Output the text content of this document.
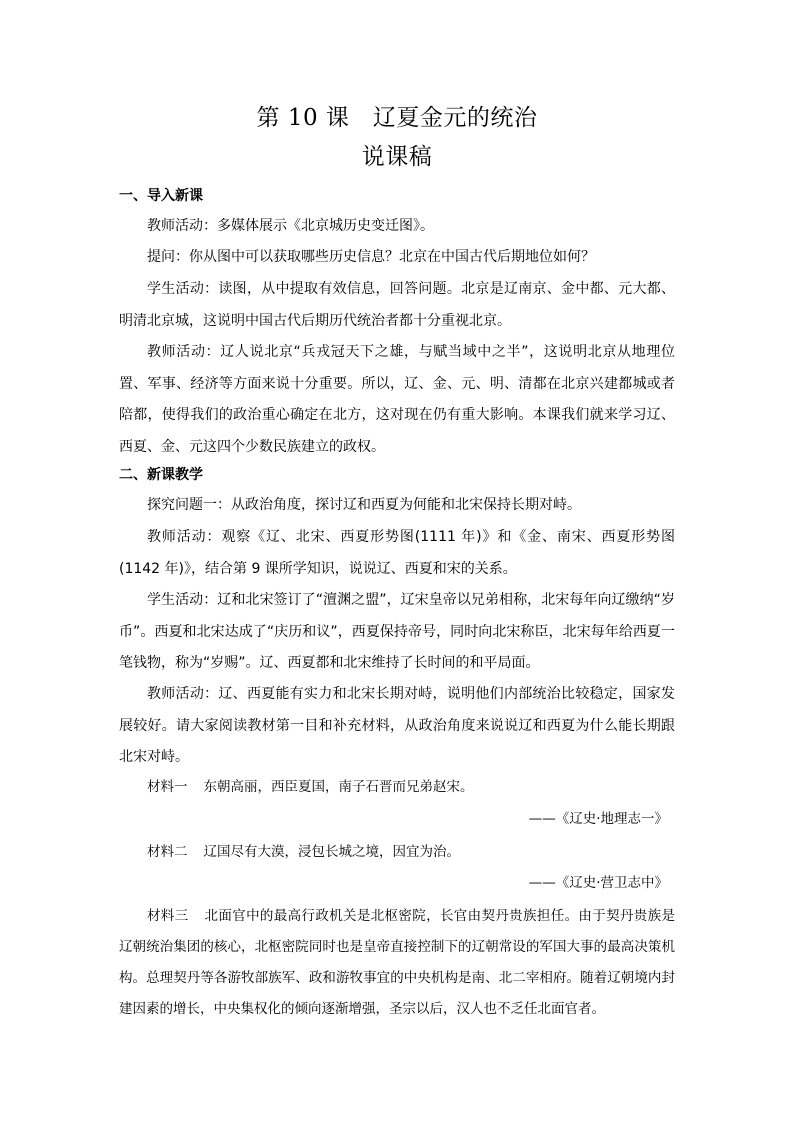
第 10 课　辽夏金元的统治
说课稿
一、导入新课

教师活动：多媒体展示《北京城历史变迁图》。

提问：你从图中可以获取哪些历史信息？北京在中国古代后期地位如何？

学生活动：读图，从中提取有效信息，回答问题。北京是辽南京、金中都、元大都、明清北京城，这说明中国古代后期历代统治者都十分重视北京。

教师活动：辽人说北京“兵戎冠天下之雄，与赋当域中之半”，这说明北京从地理位置、军事、经济等方面来说十分重要。所以，辽、金、元、明、清都在北京兴建都城或者陪都，使得我们的政治重心确定在北方，这对现在仍有重大影响。本课我们就来学习辽、西夏、金、元这四个少数民族建立的政权。

二、新课教学

探究问题一：从政治角度，探讨辽和西夏为何能和北宋保持长期对峙。

教师活动：观察《辽、北宋、西夏形势图(1111 年)》和《金、南宋、西夏形势图(1142 年)》，结合第 9 课所学知识，说说辽、西夏和宋的关系。

学生活动：辽和北宋签订了“澶渊之盟”，辽宋皇帝以兄弟相称，北宋每年向辽缴纳“岁币”。西夏和北宋达成了“庆历和议”，西夏保持帝号，同时向北宋称臣，北宋每年给西夏一笔钱物，称为“岁赐”。辽、西夏都和北宋维持了长时间的和平局面。

教师活动：辽、西夏能有实力和北宋长期对峙，说明他们内部统治比较稳定，国家发展较好。请大家阅读教材第一目和补充材料，从政治角度来说说辽和西夏为什么能长期跟北宋对峙。

材料一 东朝高丽，西臣夏国，南子石晋而兄弟赵宋。

——《辽史·地理志一》

材料二 辽国尽有大漠，浸包长城之境，因宜为治。

——《辽史·营卫志中》

材料三 北面官中的最高行政机关是北枢密院，长官由契丹贵族担任。由于契丹贵族是辽朝统治集团的核心，北枢密院同时也是皇帝直接控制下的辽朝常设的军国大事的最高决策机构。总理契丹等各游牧部族军、政和游牧事宜的中央机构是南、北二宰相府。随着辽朝境内封建因素的增长，中央集权化的倾向逐渐增强，圣宗以后，汉人也不乏任北面官者。
